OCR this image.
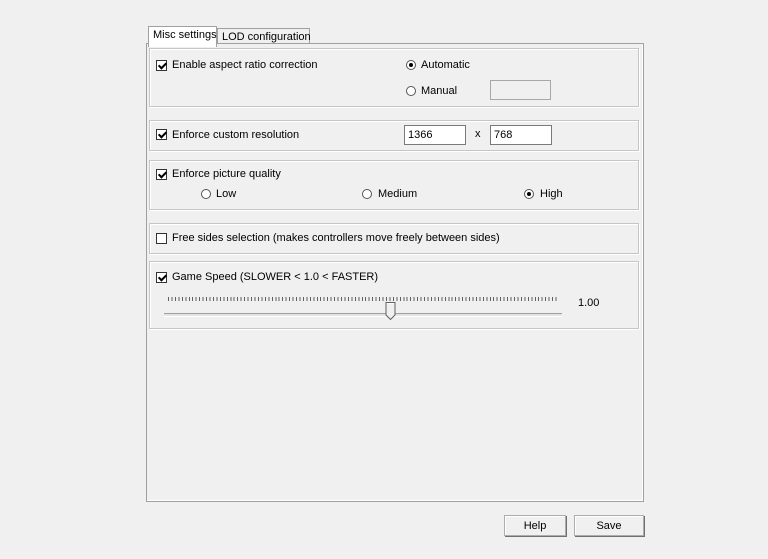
Misc settings LOD configuration
Enable aspect ratio correction	Automatic
Manual
Enforce custom resolution	1366	x	768
Enforce picture quality
Low	Medium	High
Free sides selection (makes controllers move freely between sides)
Game Speed (SLOWER < 1.0 < FASTER)
1.00
Help	Save
